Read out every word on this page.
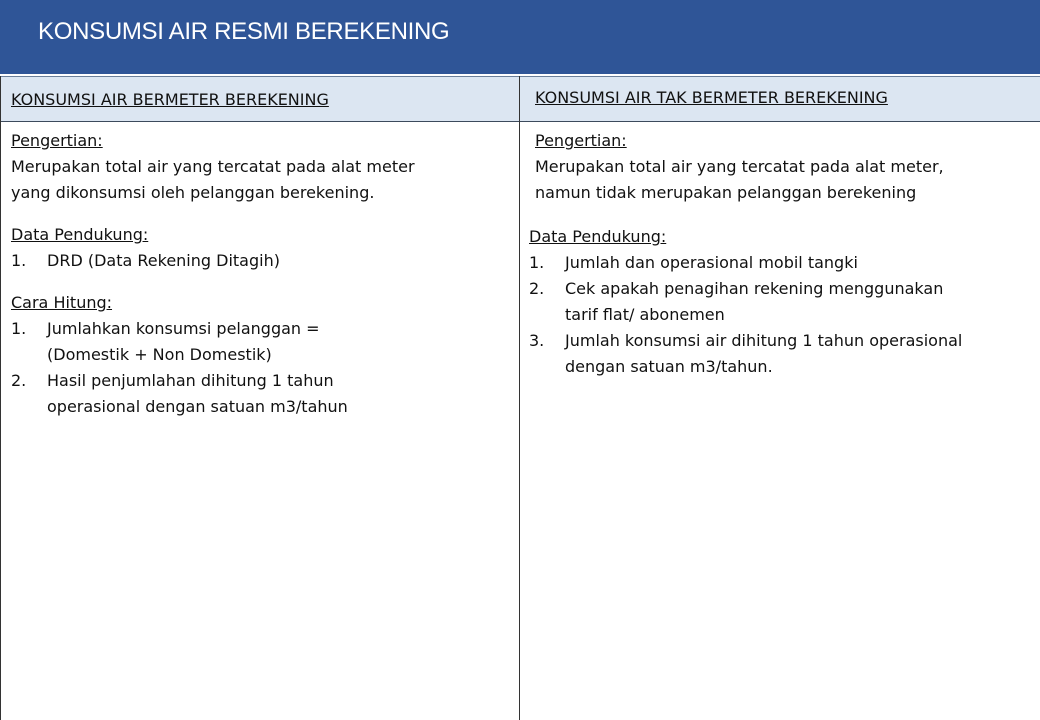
KONSUMSI AIR RESMI BEREKENING
KONSUMSI AIR BERMETER BEREKENING	KONSUMSI AIR TAK BERMETER BEREKENING
Pengertian:
Merupakan total air yang tercatat pada alat meter
yang dikonsumsi oleh pelanggan berekening.
Data Pendukung:
1. DRD (Data Rekening Ditagih)
Cara Hitung:
1. Jumlahkan konsumsi pelanggan =
(Domestik + Non Domestik)
2. Hasil penjumlahan dihitung 1 tahun
operasional dengan satuan m3/tahun
Pengertian:
Merupakan total air yang tercatat pada alat meter,
namun tidak merupakan pelanggan berekening
Data Pendukung:
1. Jumlah dan operasional mobil tangki
2. Cek apakah penagihan rekening menggunakan
tarif flat/ abonemen
3. Jumlah konsumsi air dihitung 1 tahun operasional
dengan satuan m3/tahun.
